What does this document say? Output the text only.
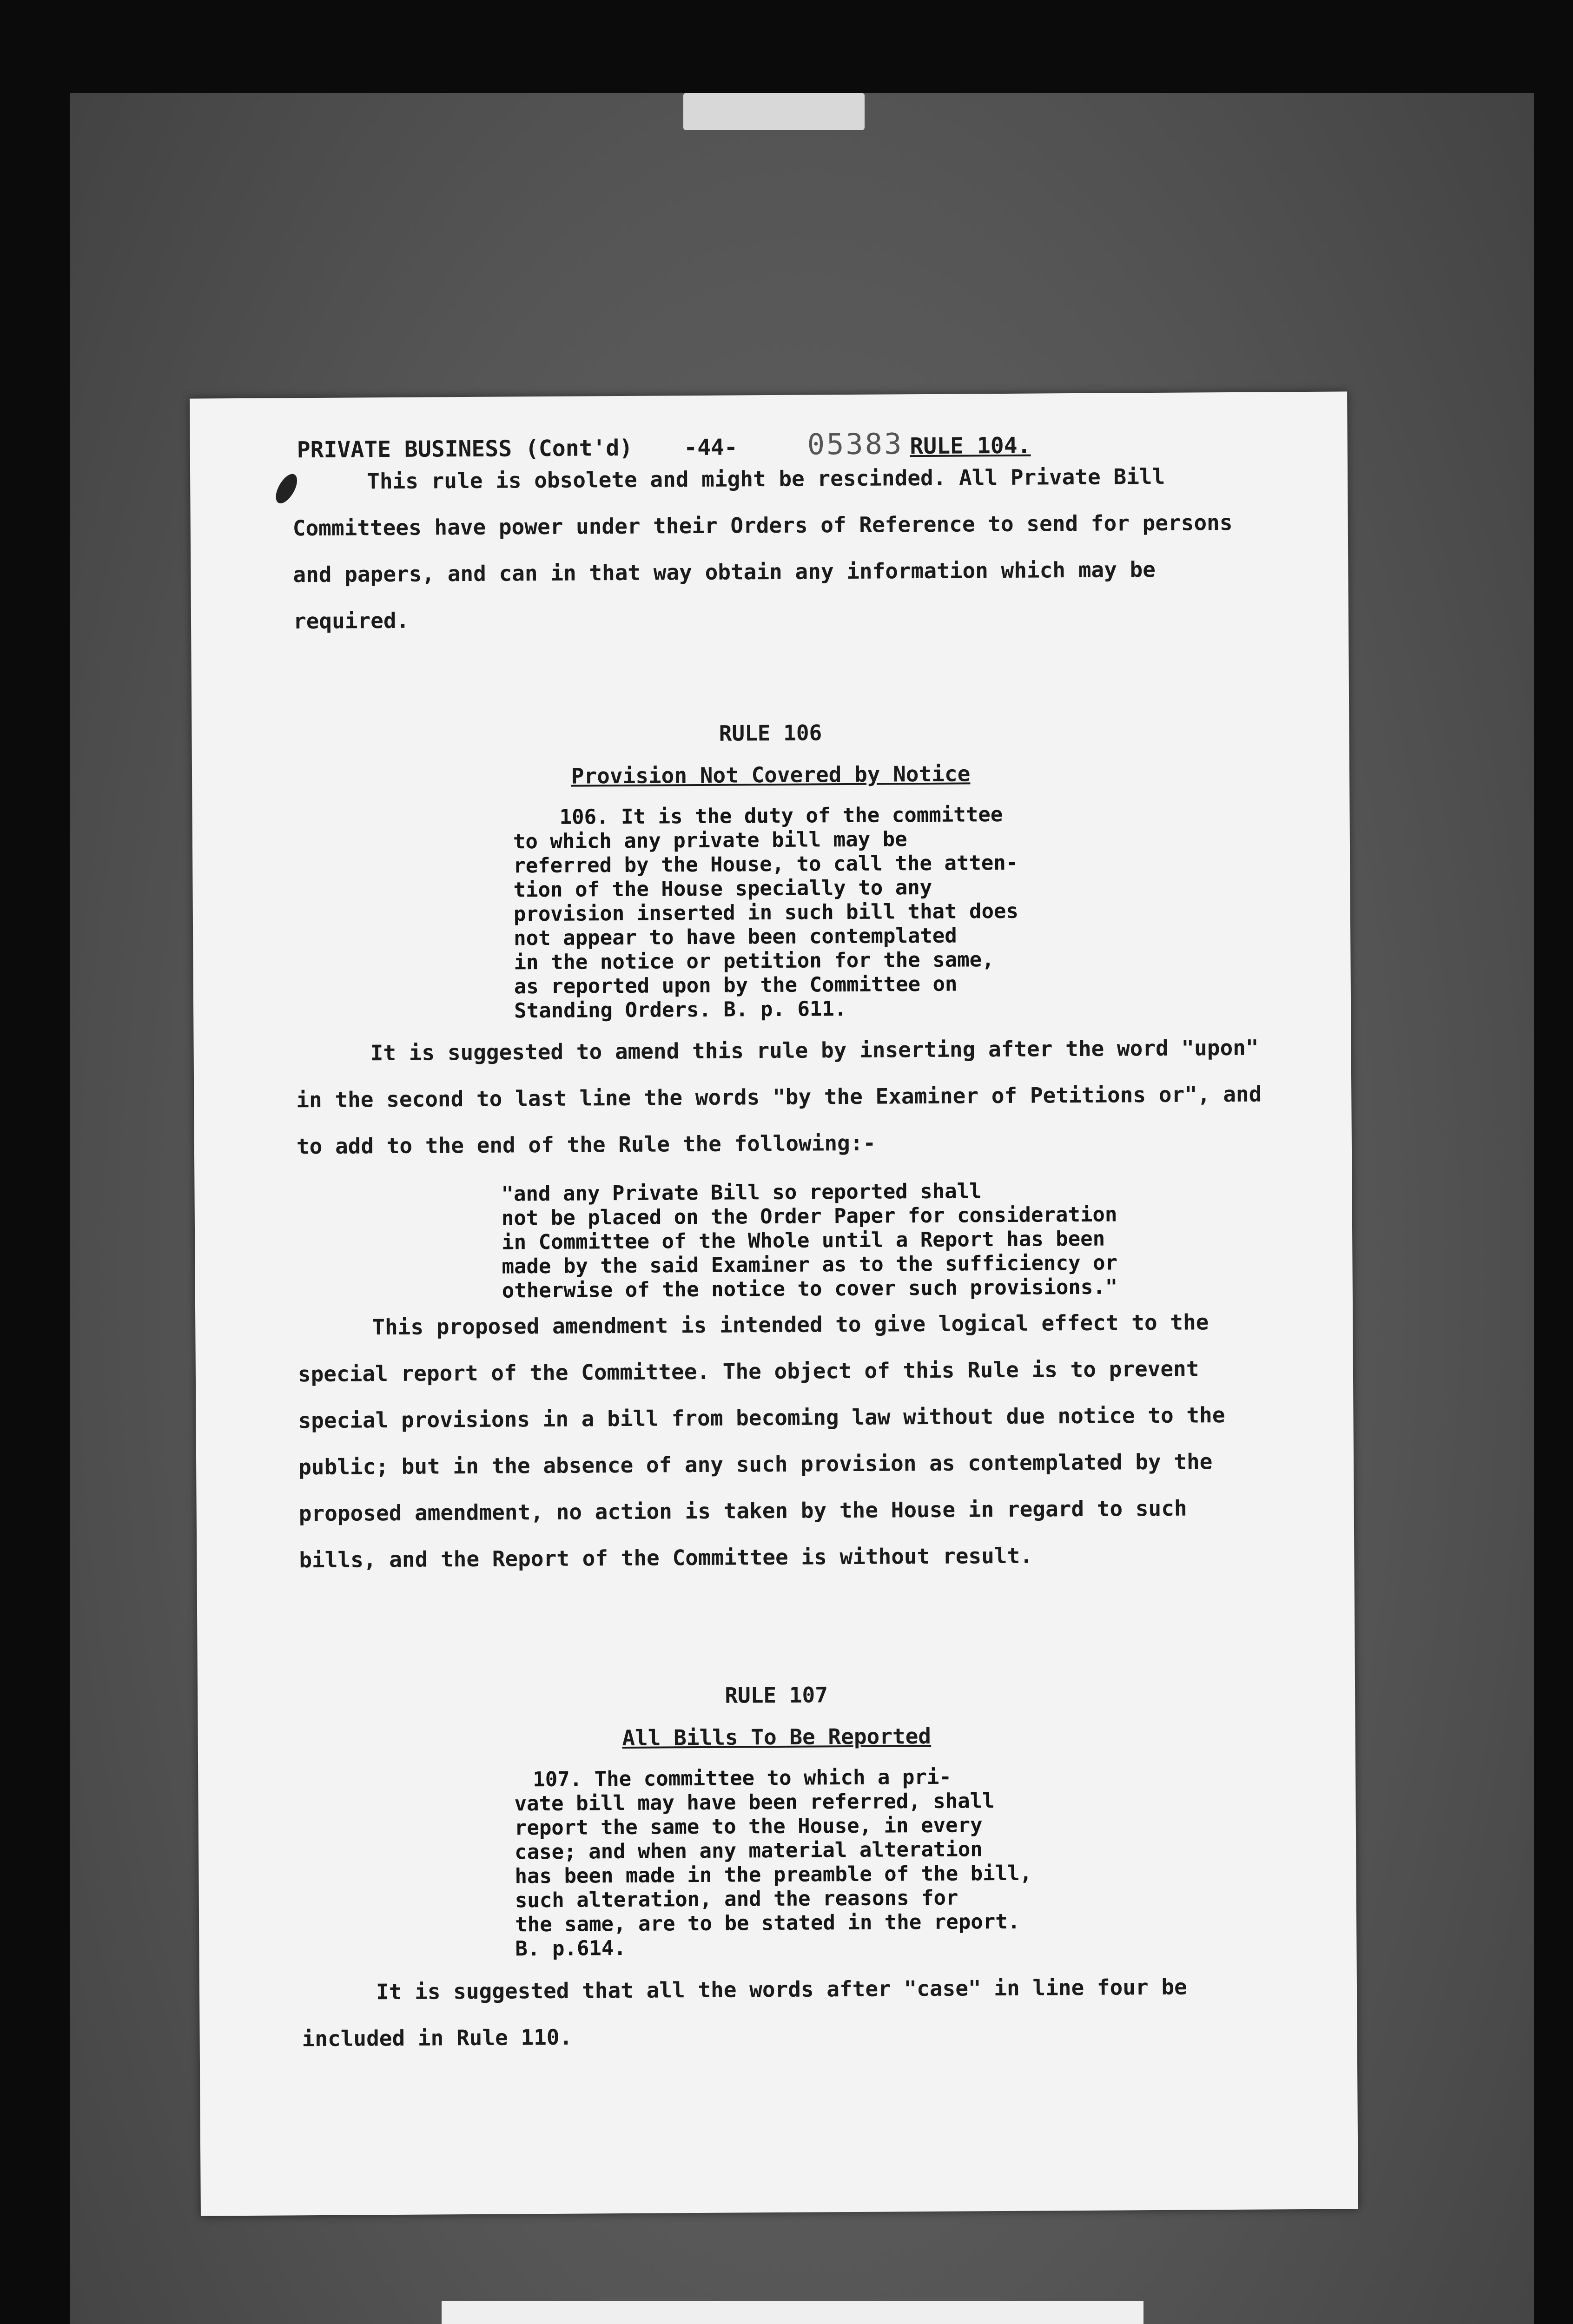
PRIVATE BUSINESS (Cont'd) -44- 05383 RULE 104.
This rule is obsolete and might be rescinded. All Private Bill Committees have power under their Orders of Reference to send for persons and papers, and can in that way obtain any information which may be required.
RULE 106
Provision Not Covered by Notice
106. It is the duty of the committee
to which any private bill may be
referred by the House, to call the atten-
tion of the House specially to any
provision inserted in such bill that does
not appear to have been contemplated
in the notice or petition for the same,
as reported upon by the Committee on
Standing Orders. B. p. 611.
It is suggested to amend this rule by inserting after the word "upon" in the second to last line the words "by the Examiner of Petitions or", and to add to the end of the Rule the following:-
"and any Private Bill so reported shall
not be placed on the Order Paper for consideration
in Committee of the Whole until a Report has been
made by the said Examiner as to the sufficiency or
otherwise of the notice to cover such provisions."
This proposed amendment is intended to give logical effect to the special report of the Committee. The object of this Rule is to prevent special provisions in a bill from becoming law without due notice to the public; but in the absence of any such provision as contemplated by the proposed amendment, no action is taken by the House in regard to such bills, and the Report of the Committee is without result.
RULE 107
All Bills To Be Reported
107. The committee to which a pri-
vate bill may have been referred, shall
report the same to the House, in every
case; and when any material alteration
has been made in the preamble of the bill,
such alteration, and the reasons for
the same, are to be stated in the report.
B. p.614.
It is suggested that all the words after "case" in line four be included in Rule 110.
